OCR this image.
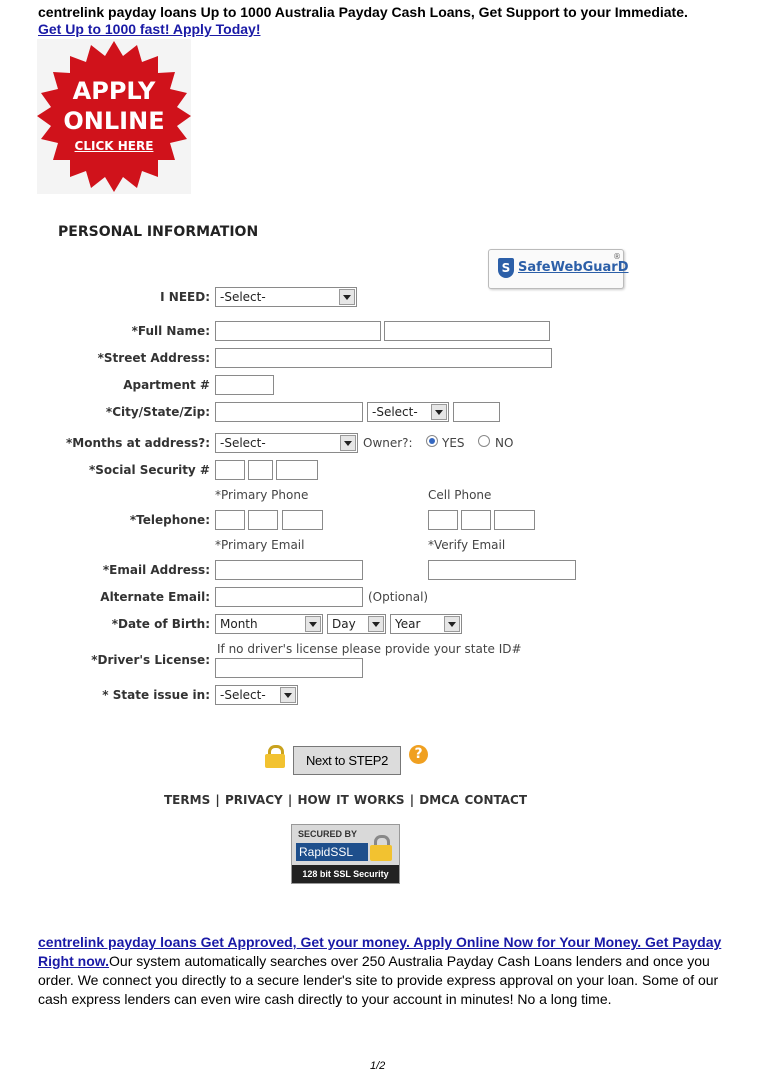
centrelink payday loans Up to 1000 Australia Payday Cash Loans, Get Support to your Immediate.
Get Up to 1000 fast! Apply Today!
APPLY
ONLINE
CLICK HERE
PERSONAL INFORMATION
S SafeWebGuarD
®
I NEED: -Select-
*Full Name:
*Street Address:
Apartment #
*City/State/Zip:	-Select-
*Months at address?: -Select-	Owner?: YES	NO
*Social Security #
*Primary Phone	Cell Phone
*Telephone:
*Primary Email	*Verify Email
*Email Address:
Alternate Email:	(Optional)
*Date of Birth: Month	Day	Year
If no driver's license please provide your state ID#
*Driver's License:
* State issue in: -Select-
Next to STEP2	?
TERMS | PRIVACY | HOW IT WORKS | DMCA CONTACT
SECURED BY
RapidSSL
128 bit SSL Security
centrelink payday loans Get Approved, Get your money. Apply Online Now for Your Money. Get Payday Right now.Our system automatically searches over 250 Australia Payday Cash Loans lenders and once you order. We connect you directly to a secure lender's site to provide express approval on your loan. Some of our cash express lenders can even wire cash directly to your account in minutes! No a long time.
1/2
